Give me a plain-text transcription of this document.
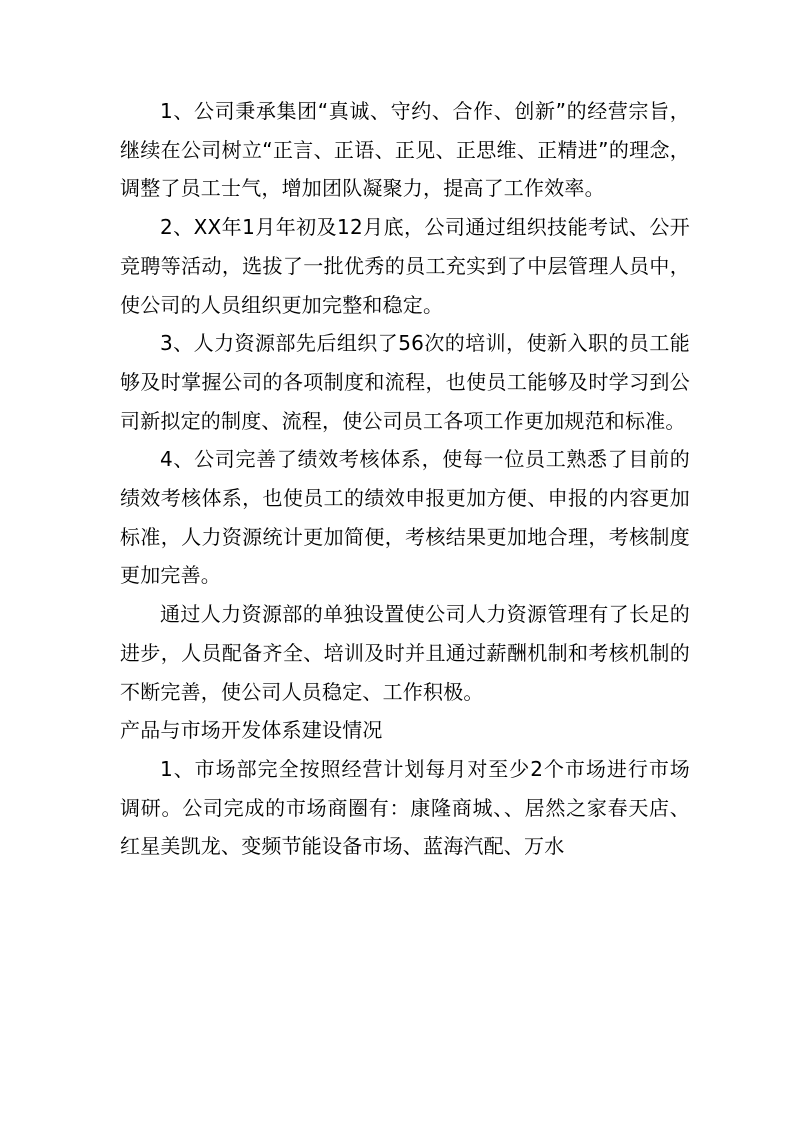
1、公司秉承集团“真诚、守约、合作、创新”的经营宗旨，继续在公司树立“正言、正语、正见、正思维、正精进”的理念，调整了员工士气，增加团队凝聚力，提高了工作效率。

2、XX年1月年初及12月底，公司通过组织技能考试、公开竞聘等活动，选拔了一批优秀的员工充实到了中层管理人员中，使公司的人员组织更加完整和稳定。

3、人力资源部先后组织了56次的培训，使新入职的员工能够及时掌握公司的各项制度和流程，也使员工能够及时学习到公司新拟定的制度、流程，使公司员工各项工作更加规范和标准。

4、公司完善了绩效考核体系，使每一位员工熟悉了目前的绩效考核体系，也使员工的绩效申报更加方便、申报的内容更加标准，人力资源统计更加简便，考核结果更加地合理，考核制度更加完善。

通过人力资源部的单独设置使公司人力资源管理有了长足的进步，人员配备齐全、培训及时并且通过薪酬机制和考核机制的不断完善，使公司人员稳定、工作积极。

产品与市场开发体系建设情况

1、市场部完全按照经营计划每月对至少2个市场进行市场调研。公司完成的市场商圈有：康隆商城、、居然之家春天店、红星美凯龙、变频节能设备市场、蓝海汽配、万水
